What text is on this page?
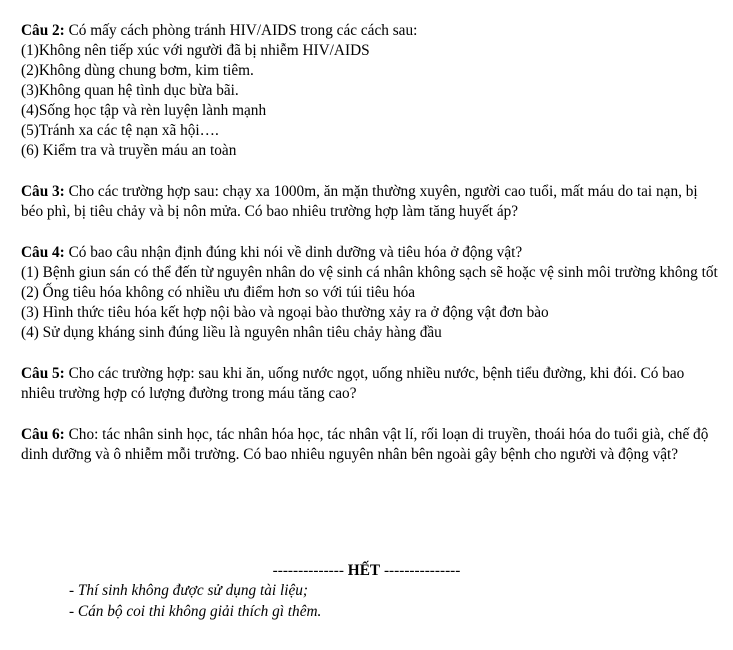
Câu 2: Có mấy cách phòng tránh HIV/AIDS trong các cách sau:

(1)Không nên tiếp xúc với người đã bị nhiễm HIV/AIDS

(2)Không dùng chung bơm, kim tiêm.

(3)Không quan hệ tình dục bừa bãi.

(4)Sống học tập và rèn luyện lành mạnh

(5)Tránh xa các tệ nạn xã hội….

(6) Kiểm tra và truyền máu an toàn

Câu 3: Cho các trường hợp sau: chạy xa 1000m, ăn mặn thường xuyên, người cao tuổi, mất máu do tai nạn, bị béo phì, bị tiêu chảy và bị nôn mửa. Có bao nhiêu trường hợp làm tăng huyết áp?

Câu 4: Có bao câu nhận định đúng khi nói về dinh dưỡng và tiêu hóa ở động vật?

(1) Bệnh giun sán có thể đến từ nguyên nhân do vệ sinh cá nhân không sạch sẽ hoặc vệ sinh môi trường không tốt

(2) Ống tiêu hóa không có nhiều ưu điểm hơn so với túi tiêu hóa

(3) Hình thức tiêu hóa kết hợp nội bào và ngoại bào thường xảy ra ở động vật đơn bào

(4) Sử dụng kháng sinh đúng liều là nguyên nhân tiêu chảy hàng đầu

Câu 5: Cho các trường hợp: sau khi ăn, uống nước ngọt, uống nhiều nước, bệnh tiểu đường, khi đói. Có bao nhiêu trường hợp có lượng đường trong máu tăng cao?

Câu 6: Cho: tác nhân sinh học, tác nhân hóa học, tác nhân vật lí, rối loạn di truyền, thoái hóa do tuổi già, chế độ dinh dưỡng và ô nhiễm mỗi trường. Có bao nhiêu nguyên nhân bên ngoài gây bệnh cho người và động vật?

-------------- HẾT ---------------

- Thí sinh không được sử dụng tài liệu;

- Cán bộ coi thi không giải thích gì thêm.
